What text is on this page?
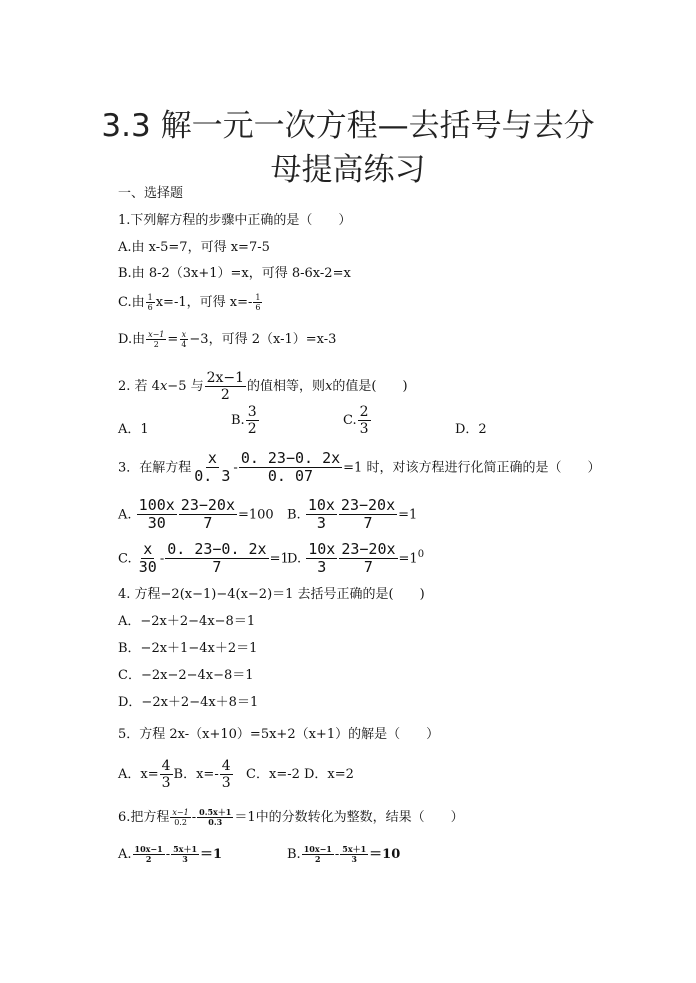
3.3 解一元一次方程—去括号与去分
母提高练习
一、选择题
1.下列解方程的步骤中正确的是（　　）
A.由 x-5=7，可得 x=7-5
B.由 8-2（3x+1）=x，可得 8-6x-2=x
C.由 $\frac{1}{6} x=-1$，可得 $x=- \frac{1}{6}$
D.由 $\frac{x-1}{2} = \frac{x}{4} -3$，可得 2（x-1）=x-3
2. 若 4x−5 与 $\frac{2x-1}{2}$ 的值相等，则x的值是(　　)
A．1
B. $\frac{3}{2}$	C. $\frac{2}{3}$	D．2
3．在解方程 $\frac{x}{0. 3} - \frac{0. 23-0. 2x}{0. 07} =1$ 时，对该方程进行化简正确的是（　　）
A. $\frac{100x}{30} \frac{23-20x}{7} =100$ B. $\frac{10x}{3} \frac{23-20x}{7} =1$
C. $\frac{x}{30} - \frac{0. 23-0. 2x}{7} =1$
D. $\frac{10x}{3} \frac{23-20x}{7} =1^0$
4. 方程−2(x−1)−4(x−2)＝1 去括号正确的是(　　)
A．−2x＋2−4x−8＝1
B．−2x＋1−4x＋2＝1
C．−2x−2−4x−8＝1
D．−2x＋2−4x＋8＝1
5．方程 2x-（x+10）=5x+2（x+1）的解是（　　）
A．$x= \frac{4}{3}$ B．$x=- \frac{4}{3}$ C．x=-2 D．x=2
6.把方程 $\frac{x-1}{0.2} - \frac{0.5x+1}{0.3} =1$中的分数转化为整数，结果（　　）
A. $\frac{10x-1}{2} - \frac{5x+1}{3} =1$	B. $\frac{10x-1}{2} - \frac{5x+1}{3} =10$
